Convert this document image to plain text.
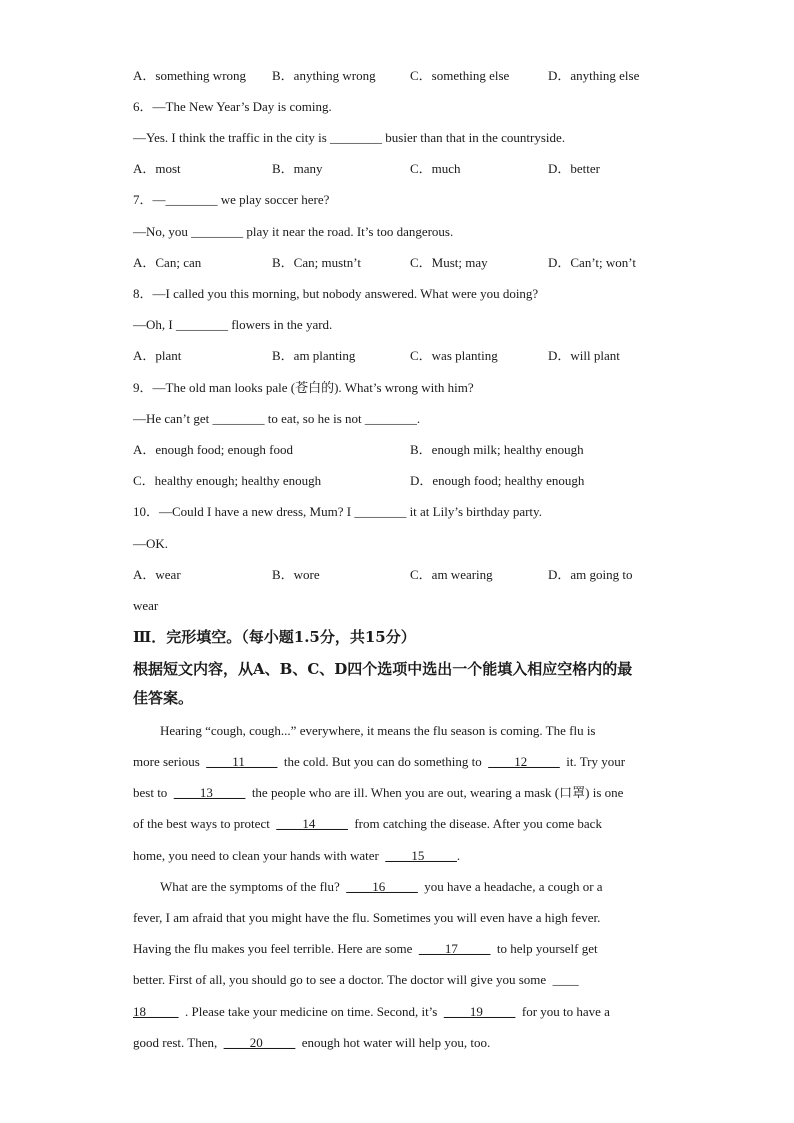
A．something wrong B．anything wrong	C．something else	D．anything else
6．—The New Year’s Day is coming.
—Yes. I think the traffic in the city is ________ busier than that in the countryside.
A．most	B．many	C．much	D．better
7．—________ we play soccer here?
—No, you ________ play it near the road. It’s too dangerous.
A．Can; can	B．Can; mustn’t	C．Must; may	D．Can’t; won’t
8．—I called you this morning, but nobody answered. What were you doing?
—Oh, I ________ flowers in the yard.
A．plant	B．am planting	C．was planting	D．will plant
9．—The old man looks pale (苍白的). What’s wrong with him?
—He can’t get ________ to eat, so he is not ________.
A．enough food; enough food	B．enough milk; healthy enough
C．healthy enough; healthy enough	D．enough food; healthy enough
10．—Could I have a new dress, Mum? I ________ it at Lily’s birthday party.
—OK.
A．wear	B．wore	C．am wearing	D．am going to
wear
Ⅲ．完形填空。（每小题1.5分，共15分）
根据短文内容，从A、B、C、D四个选项中选出一个能填入相应空格内的最
佳答案。
Hearing “cough, cough...” everywhere, it means the flu season is coming. The flu is
more serious  ____11_____  the cold. But you can do something to  ____12_____  it. Try your
best to  ____13_____  the people who are ill. When you are out, wearing a mask (口罩) is one
of the best ways to protect  ____14_____  from catching the disease. After you come back
home, you need to clean your hands with water  ____15_____.
What are the symptoms of the flu?  ____16_____  you have a headache, a cough or a
fever, I am afraid that you might have the flu. Sometimes you will even have a high fever.
Having the flu makes you feel terrible. Here are some  ____17_____  to help yourself get
better. First of all, you should go to see a doctor. The doctor will give you some  ____
18_____  . Please take your medicine on time. Second, it’s  ____19_____  for you to have a
good rest. Then,  ____20_____  enough hot water will help you, too.
